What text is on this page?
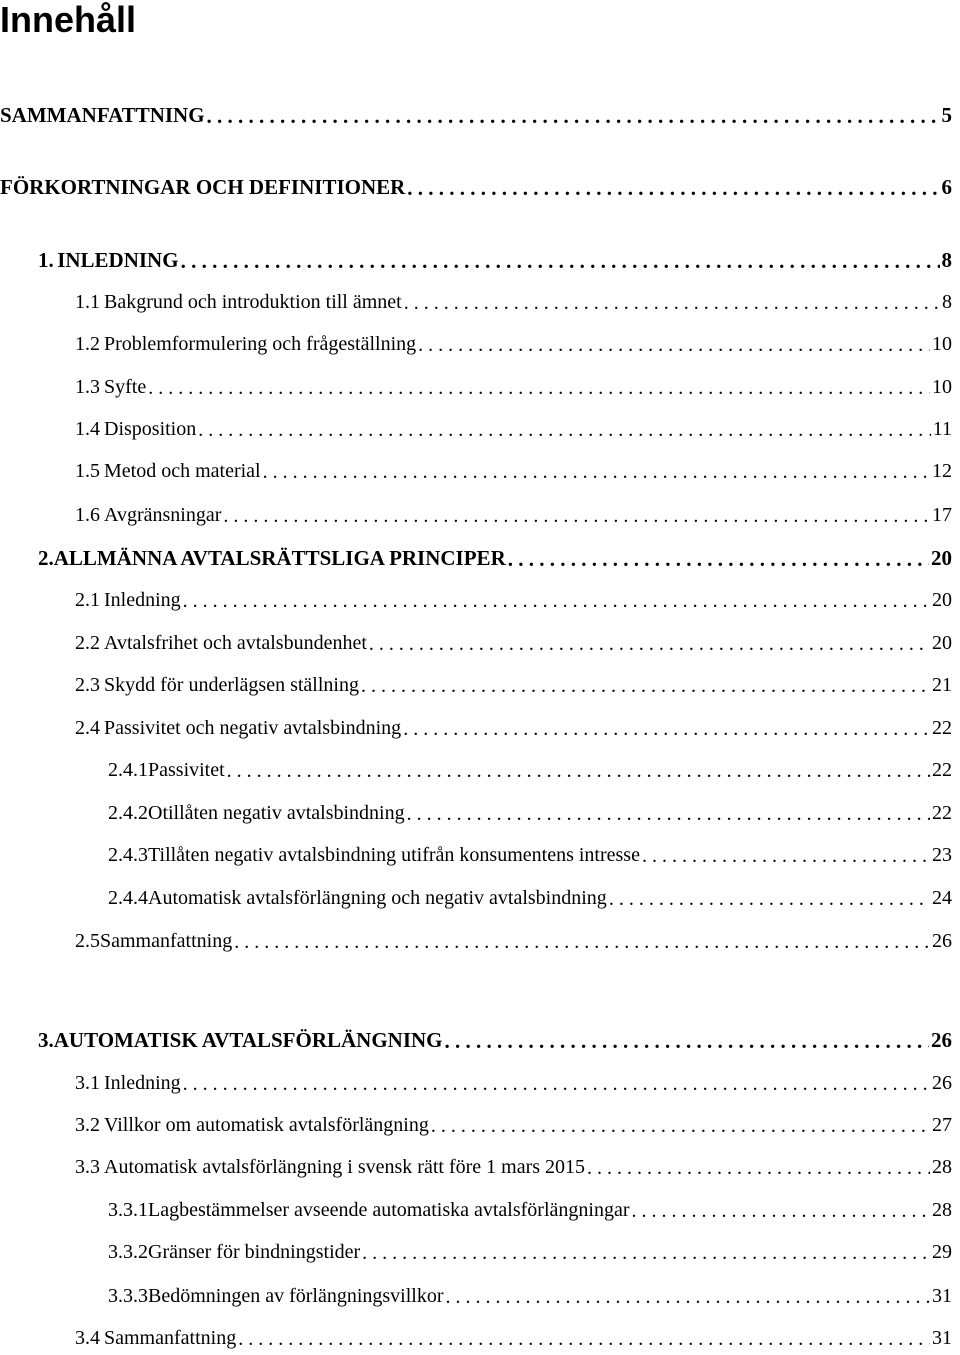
Innehåll
SAMMANFATTNING . . .	5
FÖRKORTNINGAR OCH DEFINITIONER . . .	6
1. INLEDNING . . .	8
1.1 Bakgrund och introduktion till ämnet . . .	8
1.2 Problemformulering och frågeställning . . .	10
1.3 Syfte . . .	10
1.4 Disposition . . .	11
1.5 Metod och material . . .	12
1.6 Avgränsningar . . .	17
2. ALLMÄNNA AVTALSRÄTTSLIGA PRINCIPER . . .	20
2.1 Inledning . . .	20
2.2 Avtalsfrihet och avtalsbundenhet . . .	20
2.3 Skydd för underlägsen ställning . . .	21
2.4 Passivitet och negativ avtalsbindning . . .	22
2.4.1 Passivitet . . .	22
2.4.2 Otillåten negativ avtalsbindning . . .	22
2.4.3 Tillåten negativ avtalsbindning utifrån konsumentens intresse . . .	23
2.4.4 Automatisk avtalsförlängning och negativ avtalsbindning . . .	24
2.5 Sammanfattning . . .	26
3. AUTOMATISK AVTALSFÖRLÄNGNING . . .	26
3.1 Inledning . . .	26
3.2 Villkor om automatisk avtalsförlängning . . .	27
3.3 Automatisk avtalsförlängning i svensk rätt före 1 mars 2015 . . .	28
3.3.1 Lagbestämmelser avseende automatiska avtalsförlängningar . . .	28
3.3.2 Gränser för bindningstider . . .	29
3.3.3 Bedömningen av förlängningsvillkor . . .	31
3.4 Sammanfattning . . .	31
